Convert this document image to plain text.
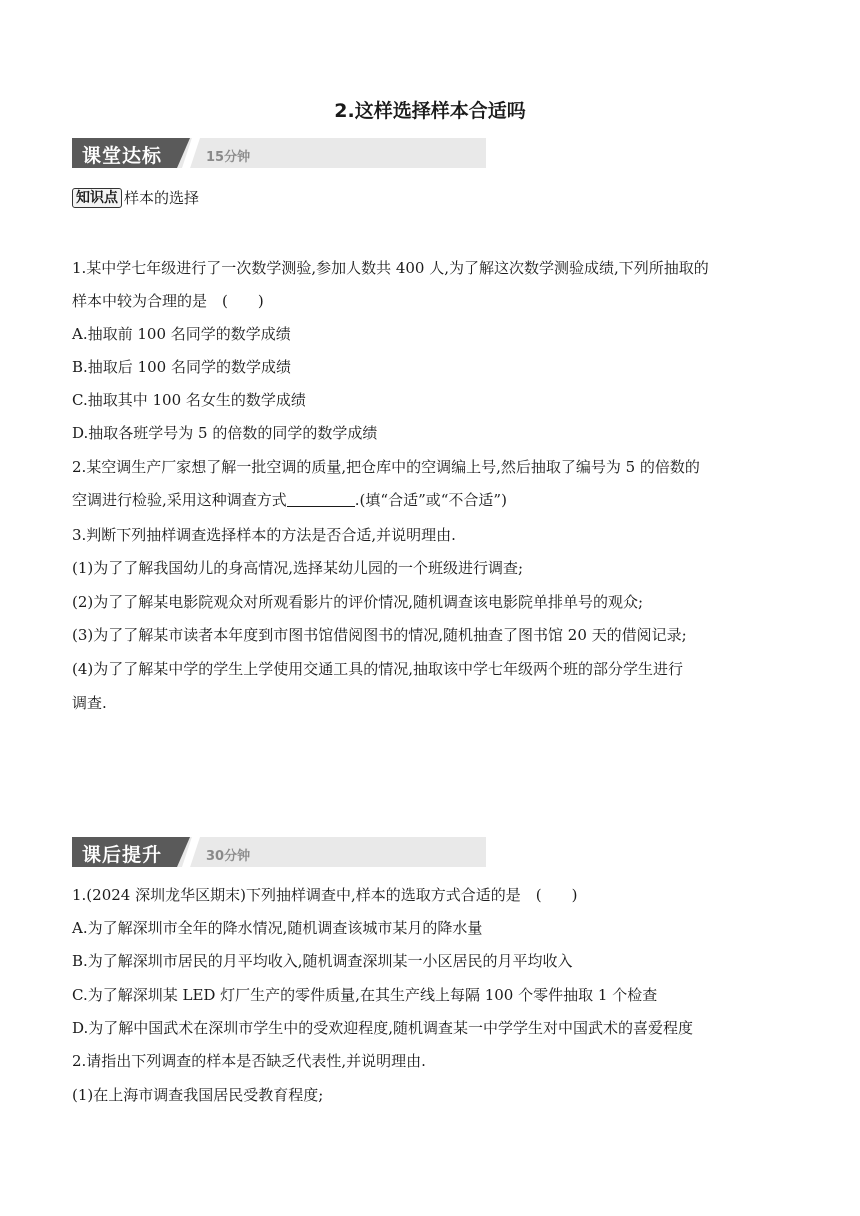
2.这样选择样本合适吗
课堂达标	15分钟
知识点 样本的选择
1.某中学七年级进行了一次数学测验,参加人数共 400 人,为了解这次数学测验成绩,下列所抽取的
样本中较为合理的是　(　　)
A.抽取前 100 名同学的数学成绩
B.抽取后 100 名同学的数学成绩
C.抽取其中 100 名女生的数学成绩
D.抽取各班学号为 5 的倍数的同学的数学成绩
2.某空调生产厂家想了解一批空调的质量,把仓库中的空调编上号,然后抽取了编号为 5 的倍数的
空调进行检验,采用这种调查方式	.(填“合适”或“不合适”)
3.判断下列抽样调查选择样本的方法是否合适,并说明理由.
(1)为了了解我国幼儿的身高情况,选择某幼儿园的一个班级进行调查;
(2)为了了解某电影院观众对所观看影片的评价情况,随机调查该电影院单排单号的观众;
(3)为了了解某市读者本年度到市图书馆借阅图书的情况,随机抽查了图书馆 20 天的借阅记录;
(4)为了了解某中学的学生上学使用交通工具的情况,抽取该中学七年级两个班的部分学生进行
调查.
课后提升	30分钟
1.(2024 深圳龙华区期末)下列抽样调查中,样本的选取方式合适的是　(　　)
A.为了解深圳市全年的降水情况,随机调查该城市某月的降水量
B.为了解深圳市居民的月平均收入,随机调查深圳某一小区居民的月平均收入
C.为了解深圳某 LED 灯厂生产的零件质量,在其生产线上每隔 100 个零件抽取 1 个检查
D.为了解中国武术在深圳市学生中的受欢迎程度,随机调查某一中学学生对中国武术的喜爱程度
2.请指出下列调查的样本是否缺乏代表性,并说明理由.
(1)在上海市调查我国居民受教育程度;
